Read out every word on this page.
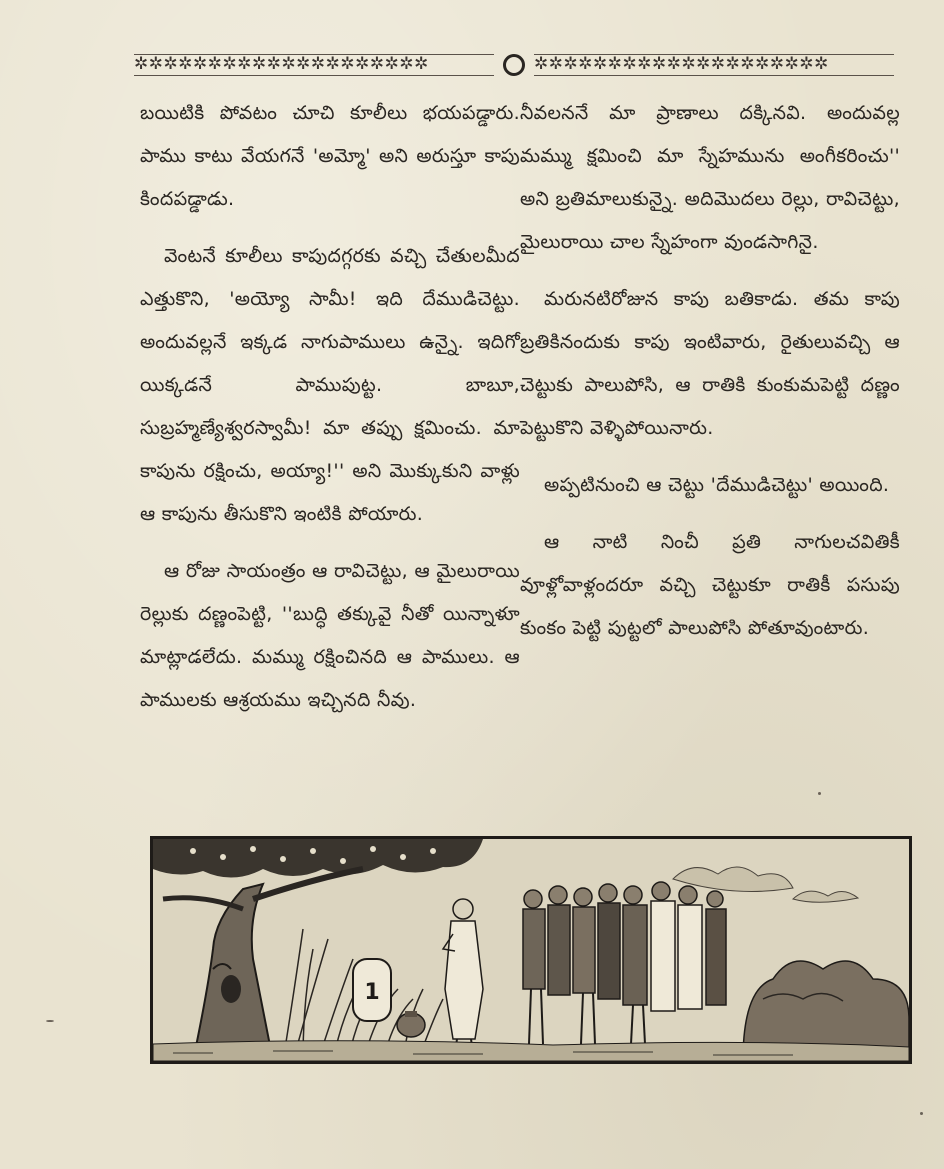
✲✲✲✲✲✲✲✲✲✲✲✲✲✲✲✲✲✲✲✲	✲✲✲✲✲✲✲✲✲✲✲✲✲✲✲✲✲✲✲✲

బయిటికి పోవటం చూచి కూలీలు భయపడ్డారు. పాము కాటు వేయగనే 'అమ్మో' అని అరుస్తూ కాపు కిందపడ్డాడు.

వెంటనే కూలీలు కాపుదగ్గరకు వచ్చి చేతులమీద ఎత్తుకొని, 'అయ్యో సామీ! ఇది దేముడిచెట్టు. అందువల్లనే ఇక్కడ నాగుపాములు ఉన్నై. ఇదిగో యిక్కడనే పాముపుట్ట. బాబూ, సుబ్రహ్మణ్యేశ్వరస్వామీ! మా తప్పు క్షమించు. మా కాపును రక్షించు, అయ్యా!'' అని మొక్కుకుని వాళ్లు ఆ కాపును తీసుకొని ఇంటికి పోయారు.

ఆ రోజు సాయంత్రం ఆ రావిచెట్టు, ఆ మైలురాయి రెల్లుకు దణ్ణంపెట్టి, ''బుద్ధి తక్కువై నీతో యిన్నాళూ మాట్లాడలేదు. మమ్ము రక్షించినది ఆ పాములు. ఆ పాములకు ఆశ్రయము ఇచ్చినది నీవు.

నీవలననే మా ప్రాణాలు దక్కినవి. అందువల్ల మమ్ము క్షమించి మా స్నేహమును అంగీకరించు'' అని బ్రతిమాలుకున్నై. అదిమొదలు రెల్లు, రావిచెట్టు, మైలురాయి చాల స్నేహంగా వుండసాగినై.

మరునటిరోజున కాపు బతికాడు. తమ కాపు బ్రతికినందుకు కాపు ఇంటివారు, రైతులువచ్చి ఆ చెట్టుకు పాలుపోసి, ఆ రాతికి కుంకుమపెట్టి దణ్ణం పెట్టుకొని వెళ్ళిపోయినారు.

అప్పటినుంచి ఆ చెట్టు 'దేముడిచెట్టు' అయింది.

ఆ నాటి నించీ ప్రతి నాగులచవితికీ వూళ్లోవాళ్లందరూ వచ్చి చెట్టుకూ రాతికీ పసుపు కుంకం పెట్టి పుట్టలో పాలుపోసి పోతూవుంటారు.

1
